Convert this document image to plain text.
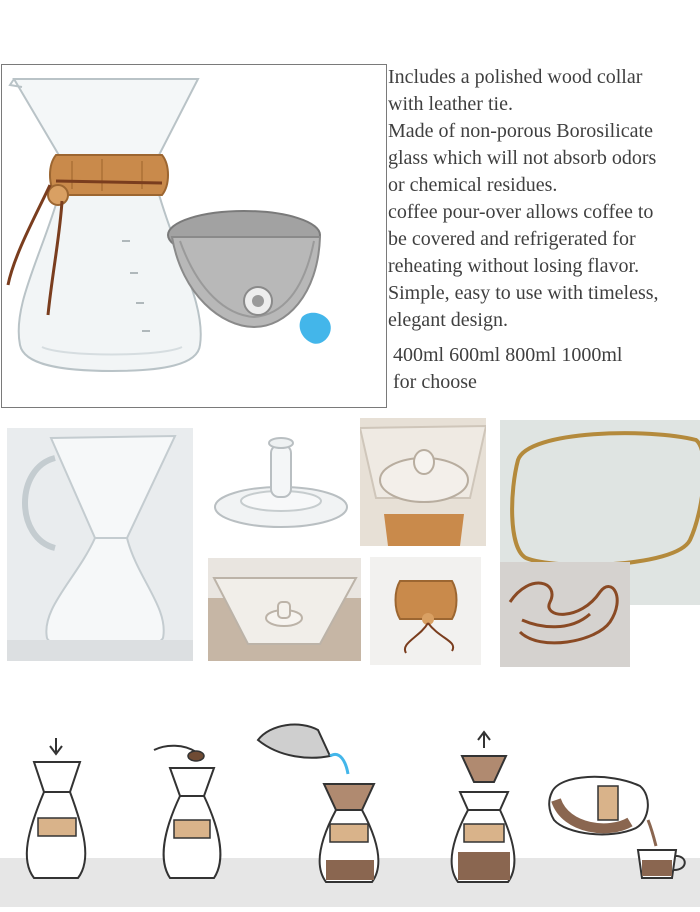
Includes a polished wood collar

with leather tie.

Made of non-porous Borosilicate

glass which will not absorb odors

or chemical residues.

coffee pour-over allows coffee to

be covered and refrigerated for

reheating without losing flavor.

Simple, easy to use with timeless,

elegant design.

400ml 600ml 800ml 1000ml

for choose
